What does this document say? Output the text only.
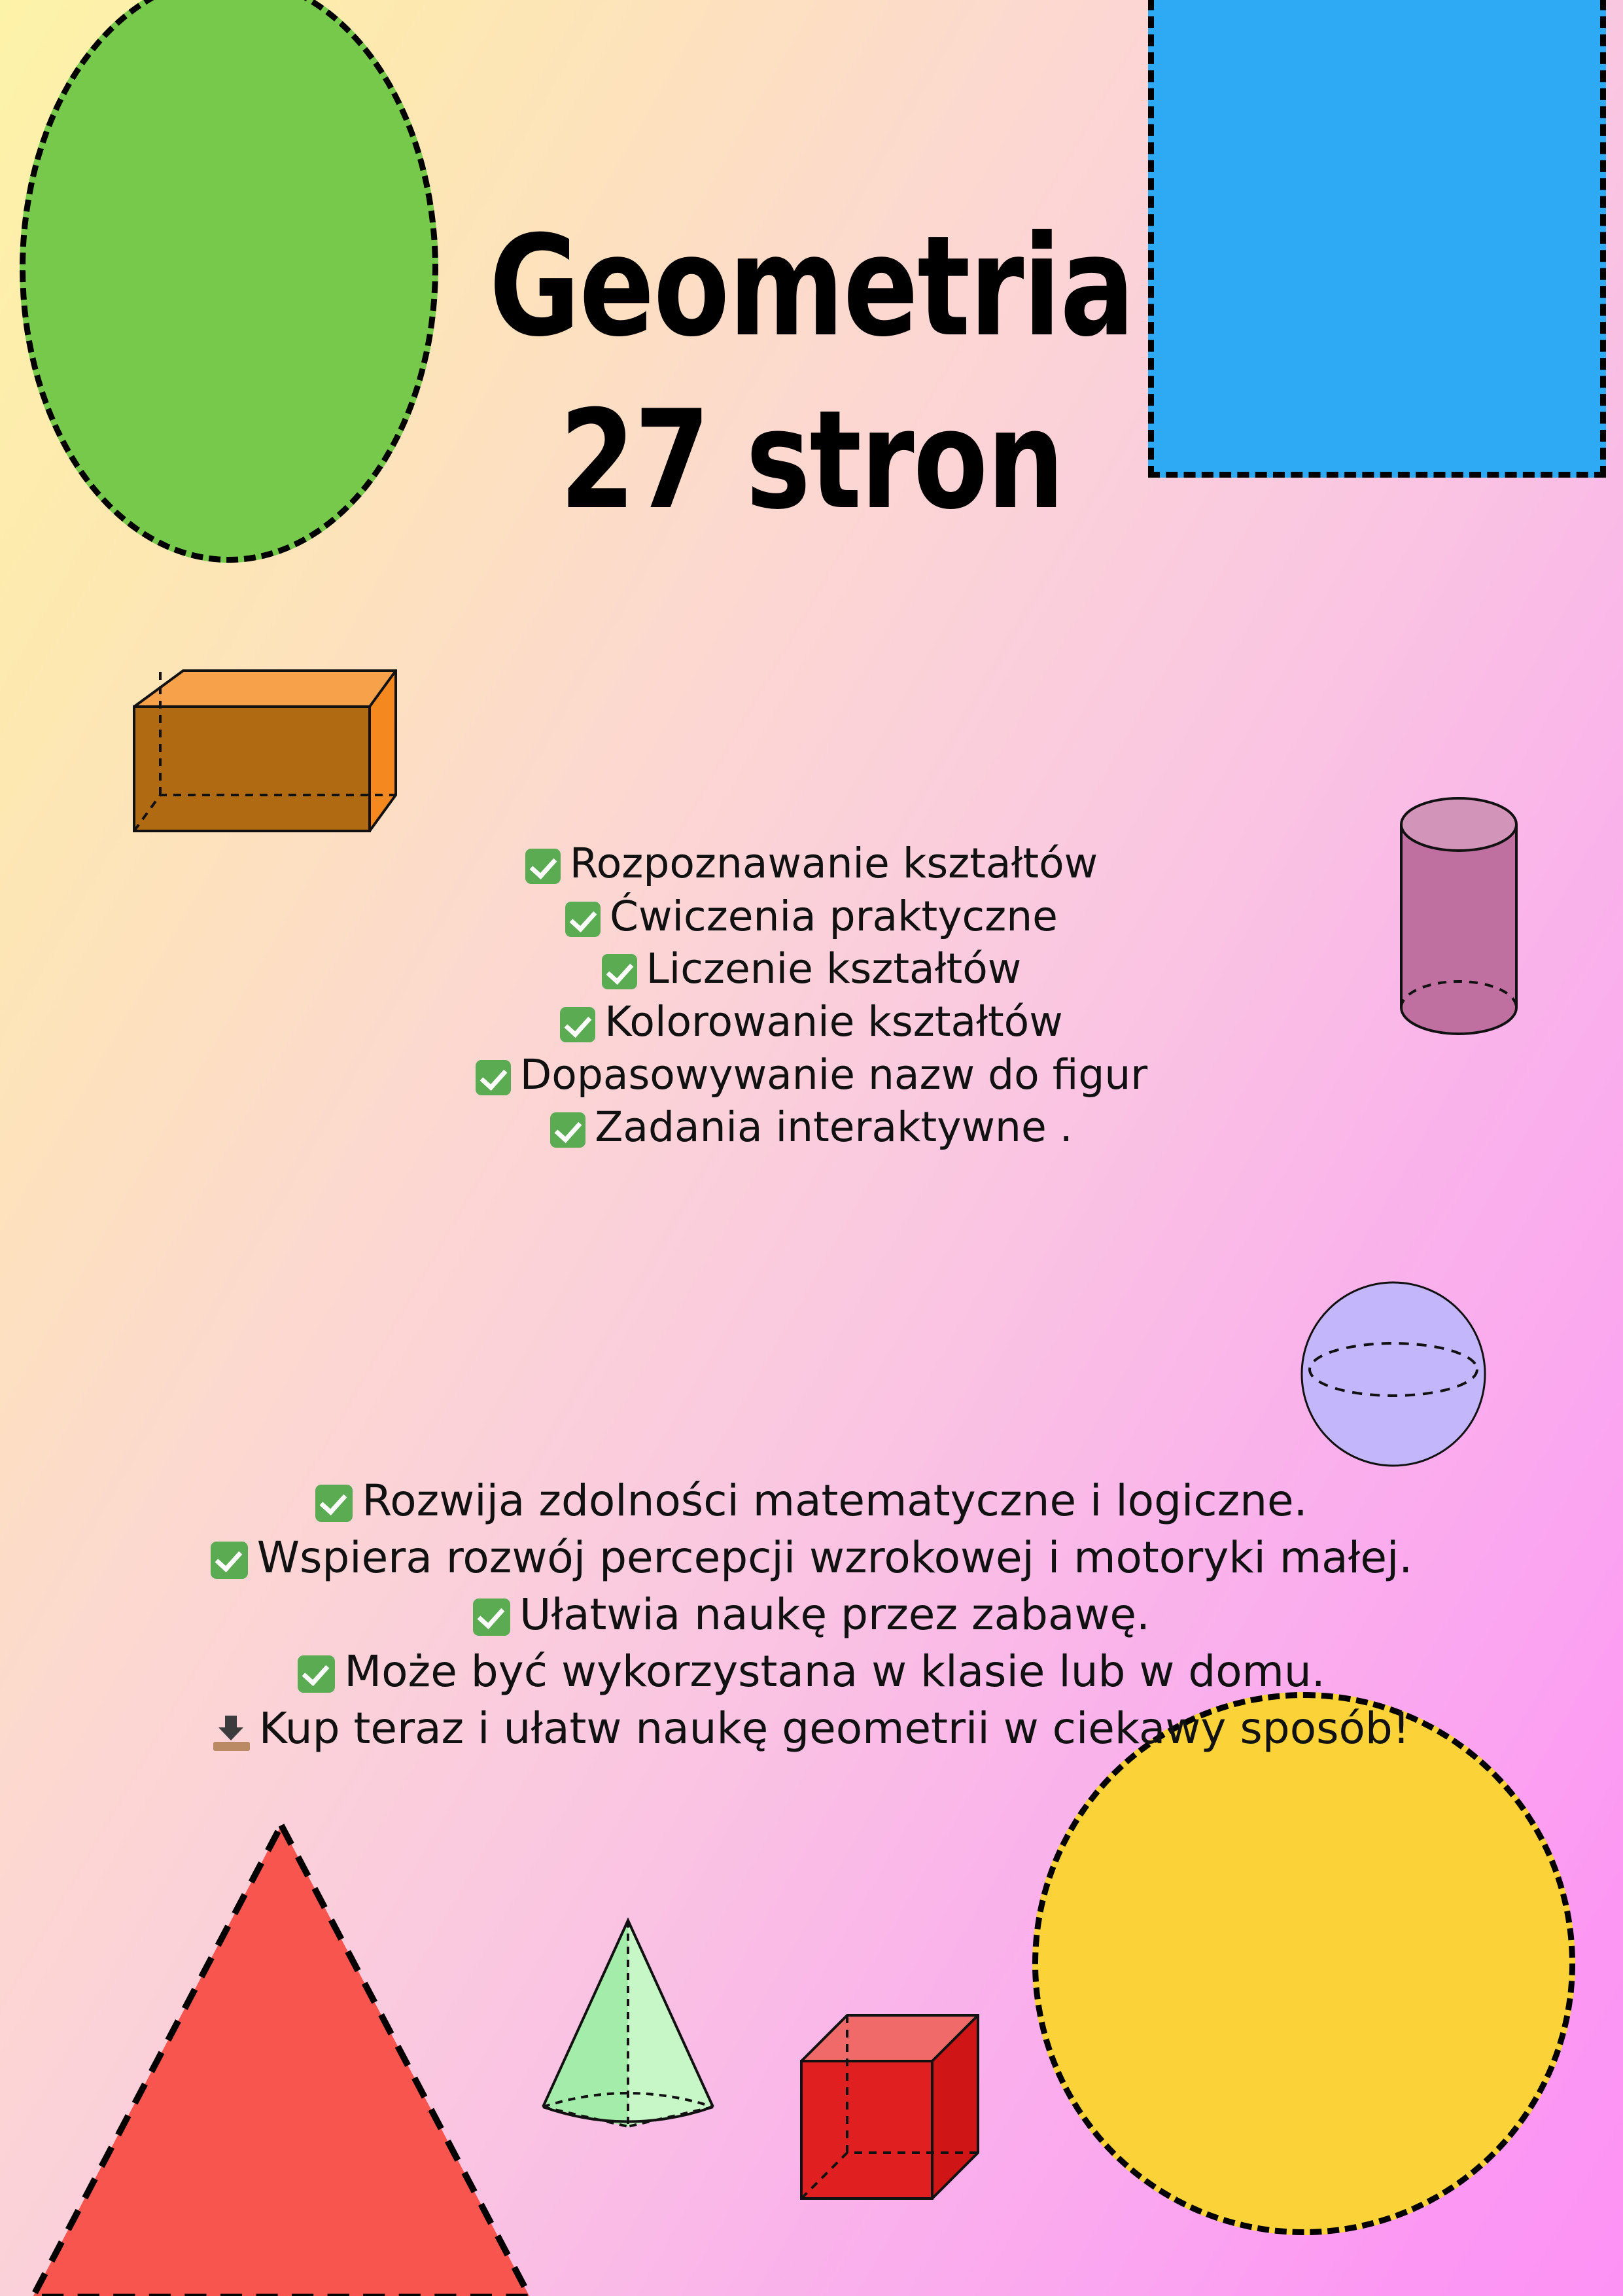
Geometria
27 stron
Rozpoznawanie kształtów
Ćwiczenia praktyczne
Liczenie kształtów
Kolorowanie kształtów
Dopasowywanie nazw do figur
Zadania interaktywne .
Rozwija zdolności matematyczne i logiczne.
Wspiera rozwój percepcji wzrokowej i motoryki małej.
Ułatwia naukę przez zabawę.
Może być wykorzystana w klasie lub w domu.
Kup teraz i ułatw naukę geometrii w ciekawy sposób!
